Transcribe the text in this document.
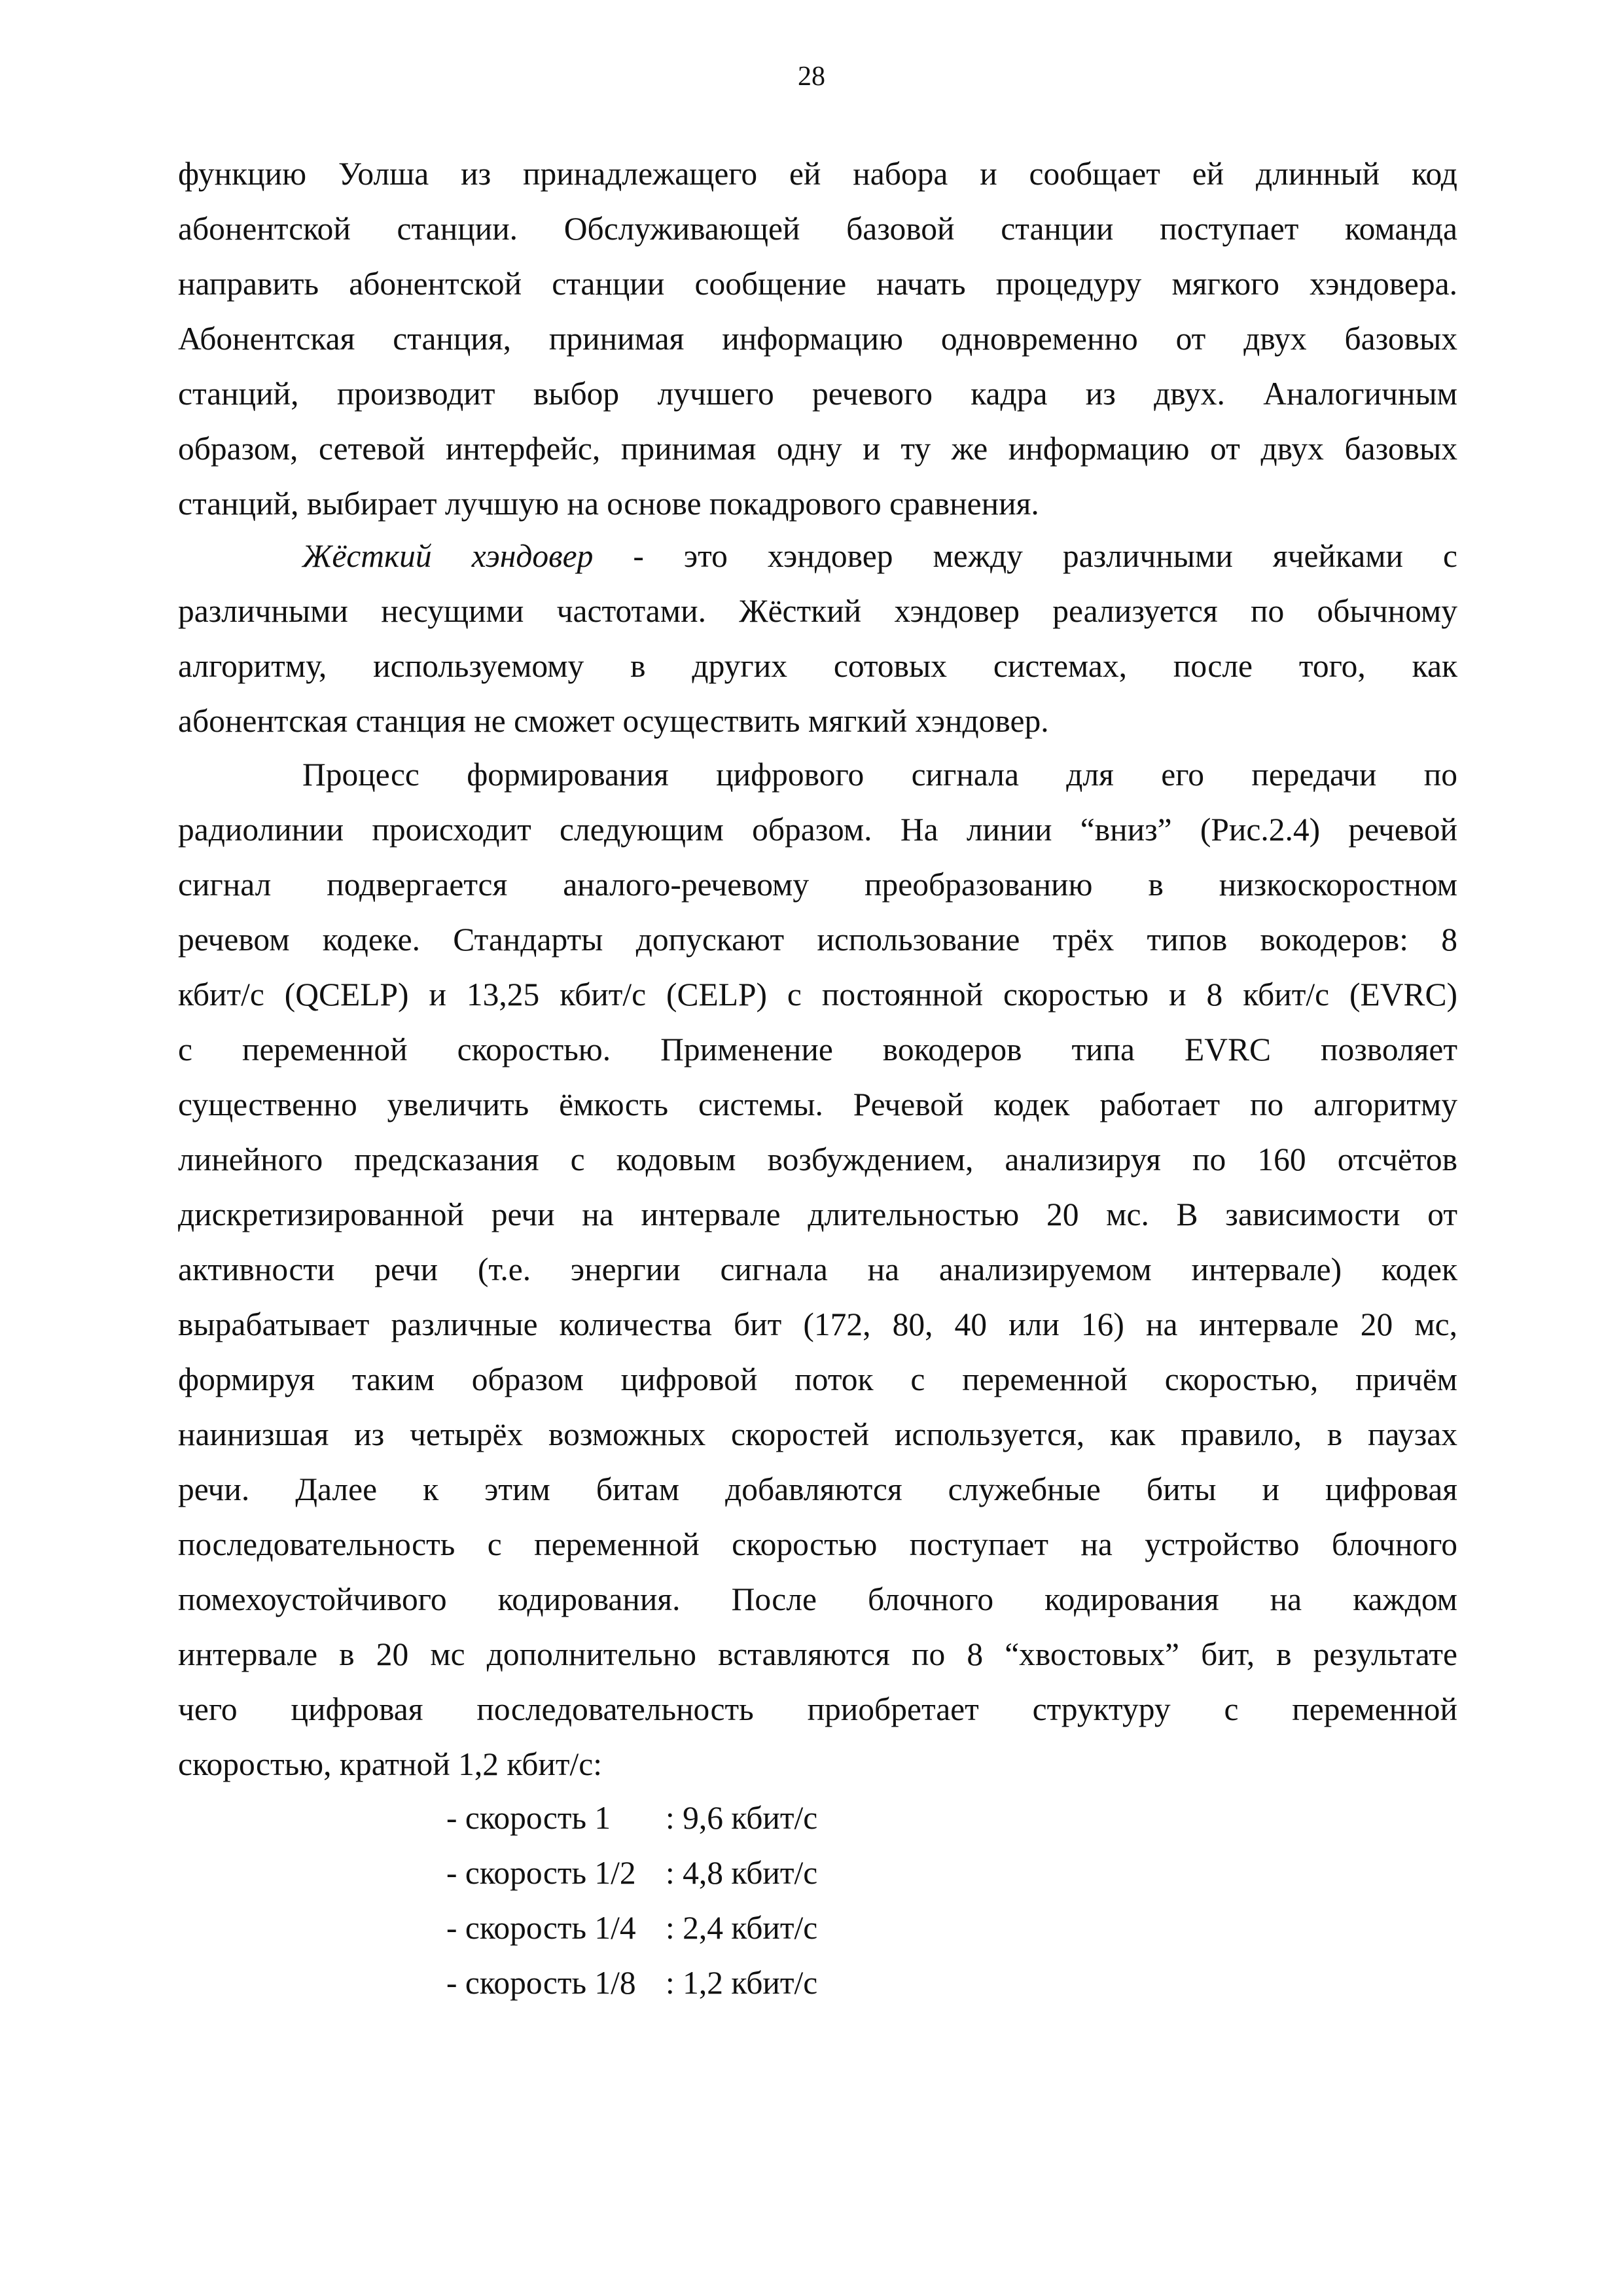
28
функцию Уолша из принадлежащего ей набора и сообщает ей длинный код
абонентской станции. Обслуживающей базовой станции поступает команда
направить абонентской станции сообщение начать процедуру мягкого хэндовера.
Абонентская станция, принимая информацию одновременно от двух базовых
станций, производит выбор лучшего речевого кадра из двух. Аналогичным
образом, сетевой интерфейс, принимая одну и ту же информацию от двух базовых
станций, выбирает лучшую на основе покадрового сравнения.
Жёсткий хэндовер - это хэндовер между различными ячейками с
различными несущими частотами. Жёсткий хэндовер реализуется по обычному
алгоритму, используемому в других сотовых системах, после того, как
абонентская станция не сможет осуществить мягкий хэндовер.
Процесс формирования цифрового сигнала для его передачи по
радиолинии происходит следующим образом. На линии “вниз” (Рис.2.4) речевой
сигнал подвергается аналого-речевому преобразованию в низкоскоростном
речевом кодеке. Стандарты допускают использование трёх типов вокодеров: 8
кбит/с (QCELP) и 13,25 кбит/с (CELP) с постоянной скоростью и 8 кбит/с (EVRC)
с переменной скоростью. Применение вокодеров типа EVRC позволяет
существенно увеличить ёмкость системы. Речевой кодек работает по алгоритму
линейного предсказания с кодовым возбуждением, анализируя по 160 отсчётов
дискретизированной речи на интервале длительностью 20 мс. В зависимости от
активности речи (т.е. энергии сигнала на анализируемом интервале) кодек
вырабатывает различные количества бит (172, 80, 40 или 16) на интервале 20 мс,
формируя таким образом цифровой поток с переменной скоростью, причём
наинизшая из четырёх возможных скоростей используется, как правило, в паузах
речи. Далее к этим битам добавляются служебные биты и цифровая
последовательность с переменной скоростью поступает на устройство блочного
помехоустойчивого кодирования. После блочного кодирования на каждом
интервале в 20 мс дополнительно вставляются по 8 “хвостовых” бит, в результате
чего цифровая последовательность приобретает структуру с переменной
скоростью, кратной 1,2 кбит/с:
- скорость 1 : 9,6 кбит/с
- скорость 1/2 : 4,8 кбит/с
- скорость 1/4 : 2,4 кбит/с
- скорость 1/8 : 1,2 кбит/с
